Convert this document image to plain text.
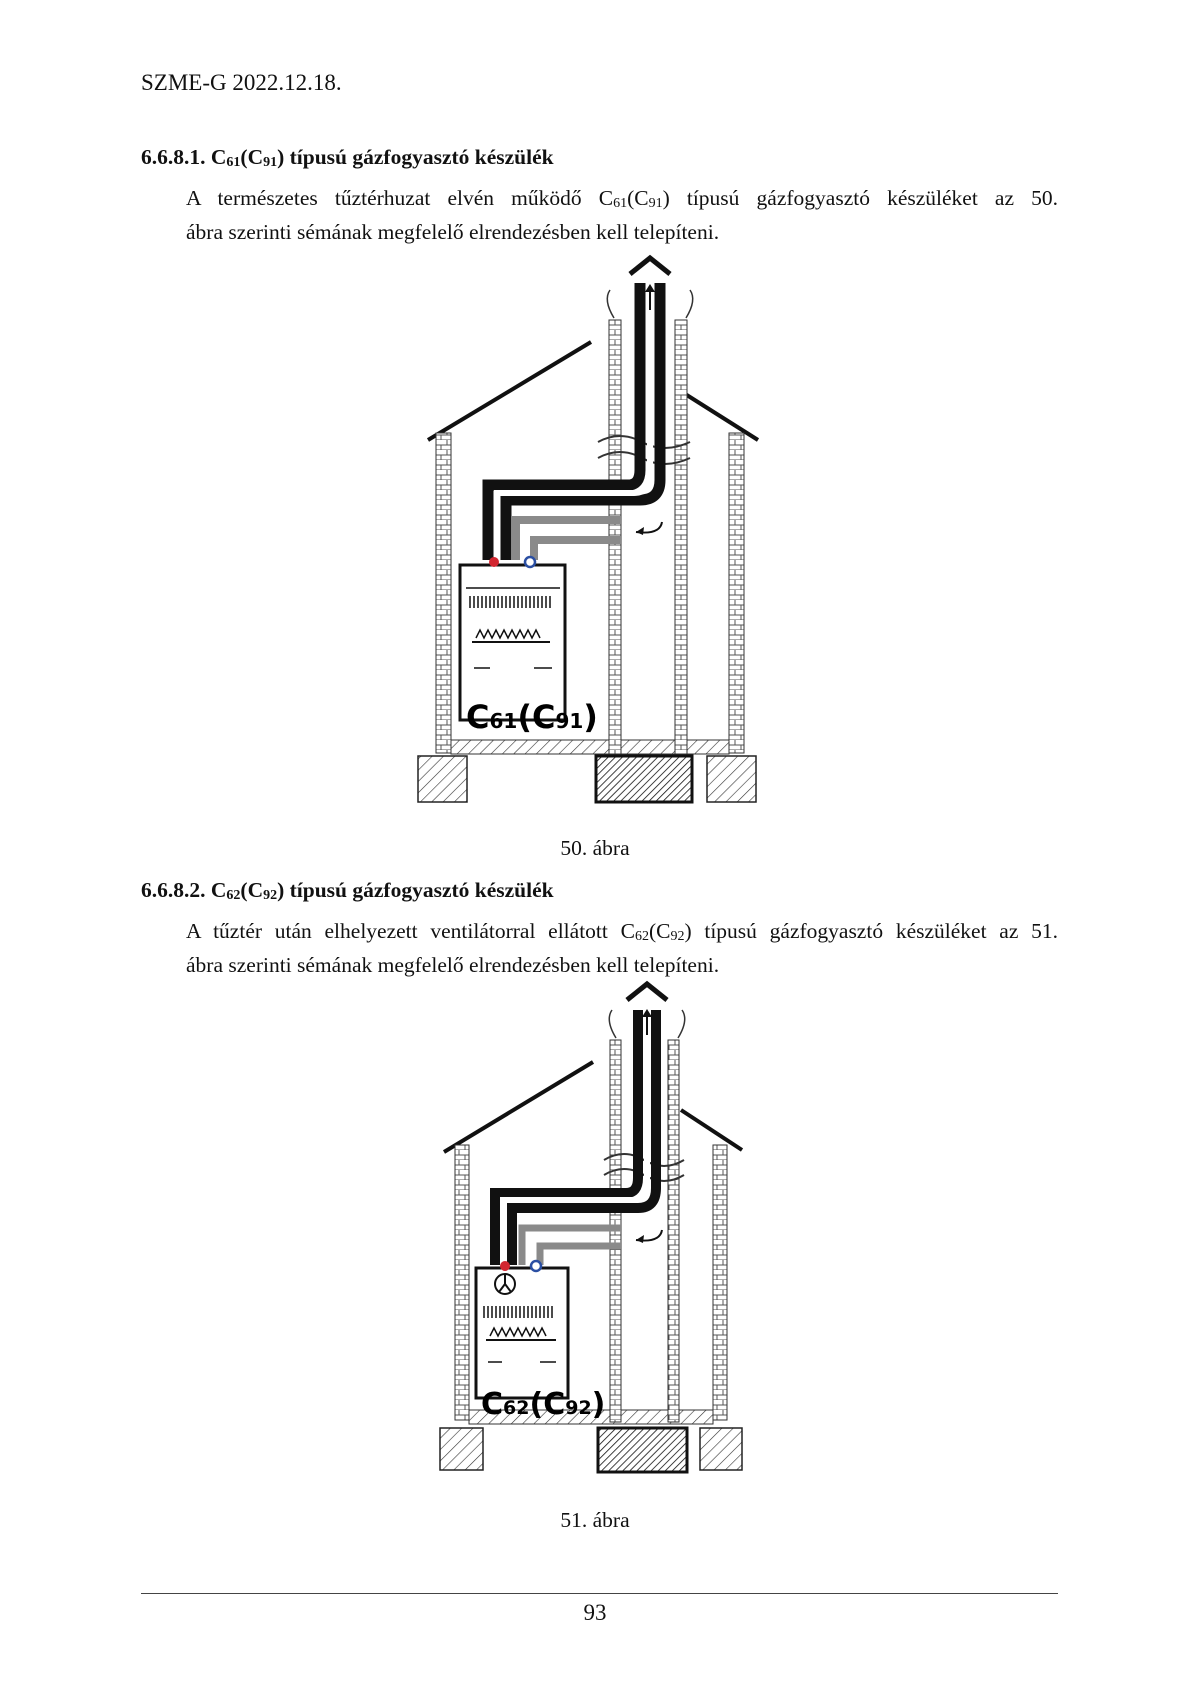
SZME-G 2022.12.18.
6.6.8.1. $C_{61}(C_{91})$ típusú gázfogyasztó készülék
A természetes tűztérhuzat elvén működő $C_{61}(C_{91})$ típusú gázfogyasztó készüléket az 50.
ábra szerinti sémának megfelelő elrendezésben kell telepíteni.
C61(C91)
C62(C92)
50. ábra
6.6.8.2. $C_{62}(C_{92})$ típusú gázfogyasztó készülék
A tűztér után elhelyezett ventilátorral ellátott $C_{62}(C_{92})$ típusú gázfogyasztó készüléket az 51.
ábra szerinti sémának megfelelő elrendezésben kell telepíteni.
51. ábra
93
